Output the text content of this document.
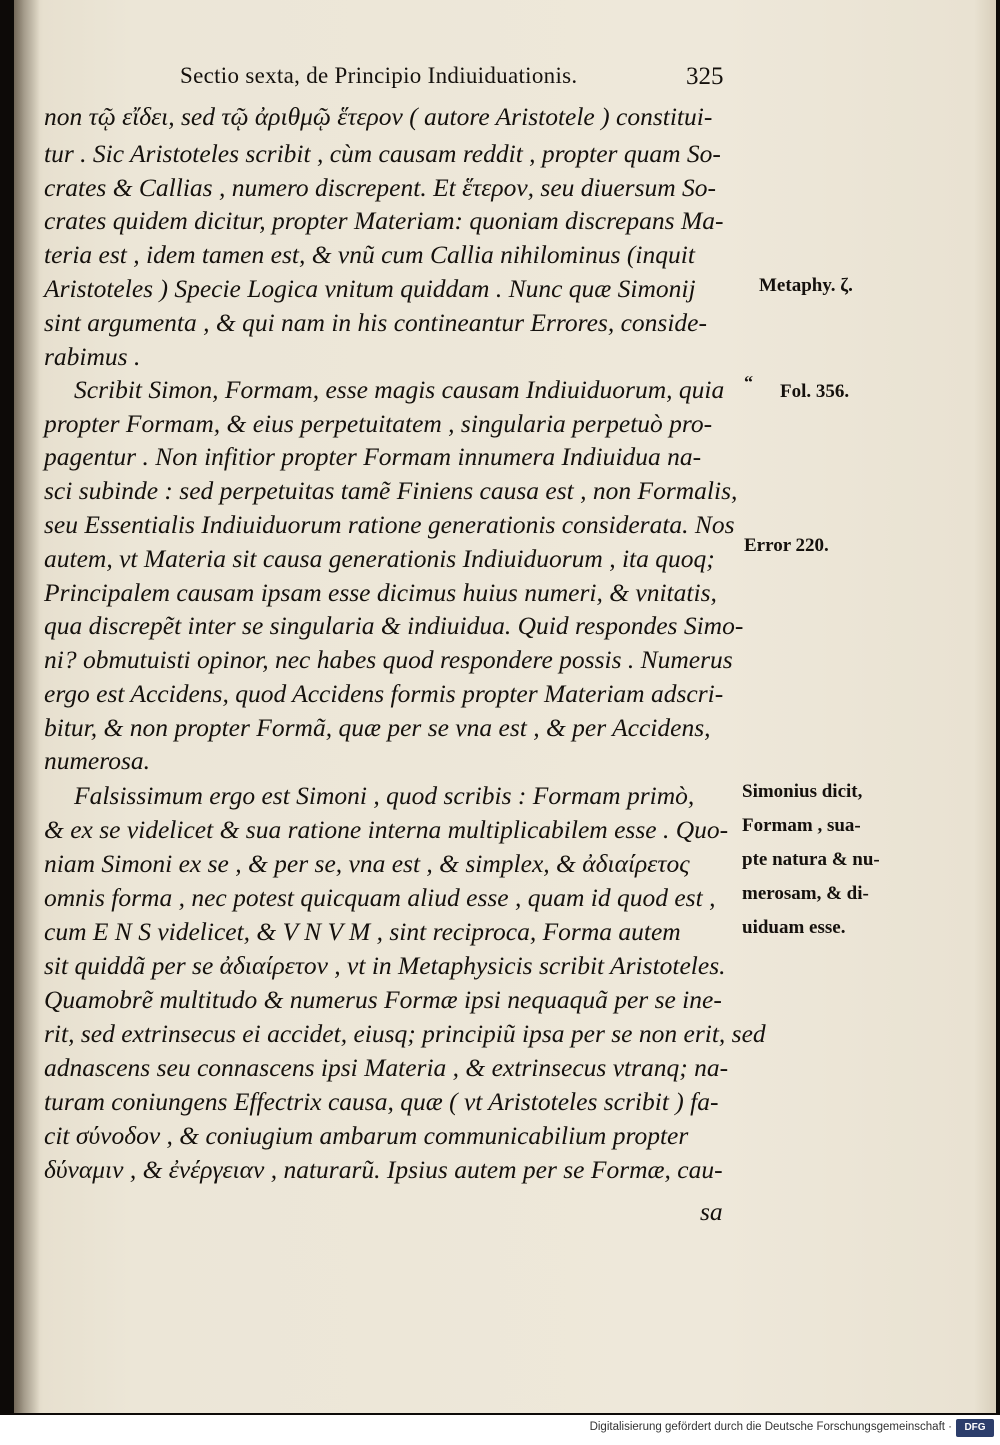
Sectio sexta, de Principio Indiuiduationis.	325
non τῷ εἴδει, sed τῷ ἀριθμῷ ἕτερον ( autore Aristotele ) constitui-
tur . Sic Aristoteles scribit , cùm causam reddit , propter quam So-
crates & Callias , numero discrepent. Et ἕτερον, seu diuersum So-
crates quidem dicitur, propter Materiam: quoniam discrepans Ma-
teria est , idem tamen est, & vnũ cum Callia nihilominus (inquit
Aristoteles ) Specie Logica vnitum quiddam . Nunc quæ Simonij
sint argumenta , & qui nam in his contineantur Errores, conside-
rabimus .
Scribit Simon, Formam, esse magis causam Indiuiduorum, quia
propter Formam, & eius perpetuitatem , singularia perpetuò pro-
pagentur . Non infitior propter Formam innumera Indiuidua na-
sci subinde : sed perpetuitas tamẽ Finiens causa est , non Formalis,
seu Essentialis Indiuiduorum ratione generationis considerata. Nos
autem, vt Materia sit causa generationis Indiuiduorum , ita quoq;
Principalem causam ipsam esse dicimus huius numeri, & vnitatis,
qua discrepẽt inter se singularia & indiuidua. Quid respondes Simo-
ni? obmutuisti opinor, nec habes quod respondere possis . Numerus
ergo est Accidens, quod Accidens formis propter Materiam adscri-
bitur, & non propter Formã, quæ per se vna est , & per Accidens,
numerosa.
Falsissimum ergo est Simoni , quod scribis : Formam primò,
& ex se videlicet & sua ratione interna multiplicabilem esse . Quo-
niam Simoni ex se , & per se, vna est , & simplex, & ἀδιαίρετος
omnis forma , nec potest quicquam aliud esse , quam id quod est ,
cum E N S videlicet, & V N V M , sint reciproca, Forma autem
sit quiddã per se ἀδιαίρετον , vt in Metaphysicis scribit Aristoteles.
Quamobrẽ multitudo & numerus Formæ ipsi nequaquã per se ine-
rit, sed extrinsecus ei accidet, eiusq; principiũ ipsa per se non erit, sed
adnascens seu connascens ipsi Materia , & extrinsecus vtranq; na-
turam coniungens Effectrix causa, quæ ( vt Aristoteles scribit ) fa-
cit σύνοδον , & coniugium ambarum communicabilium propter
δύναμιν , & ἐνέργειαν , naturarũ. Ipsius autem per se Formæ, cau-
sa
Metaphy. ζ.
“ Fol. 356.
Error 220.
Simonius dicit,
Formam , sua-
pte natura & nu-
merosam, & di-
uiduam esse.
Digitalisierung gefördert durch die Deutsche Forschungsgemeinschaft ·	DFG
